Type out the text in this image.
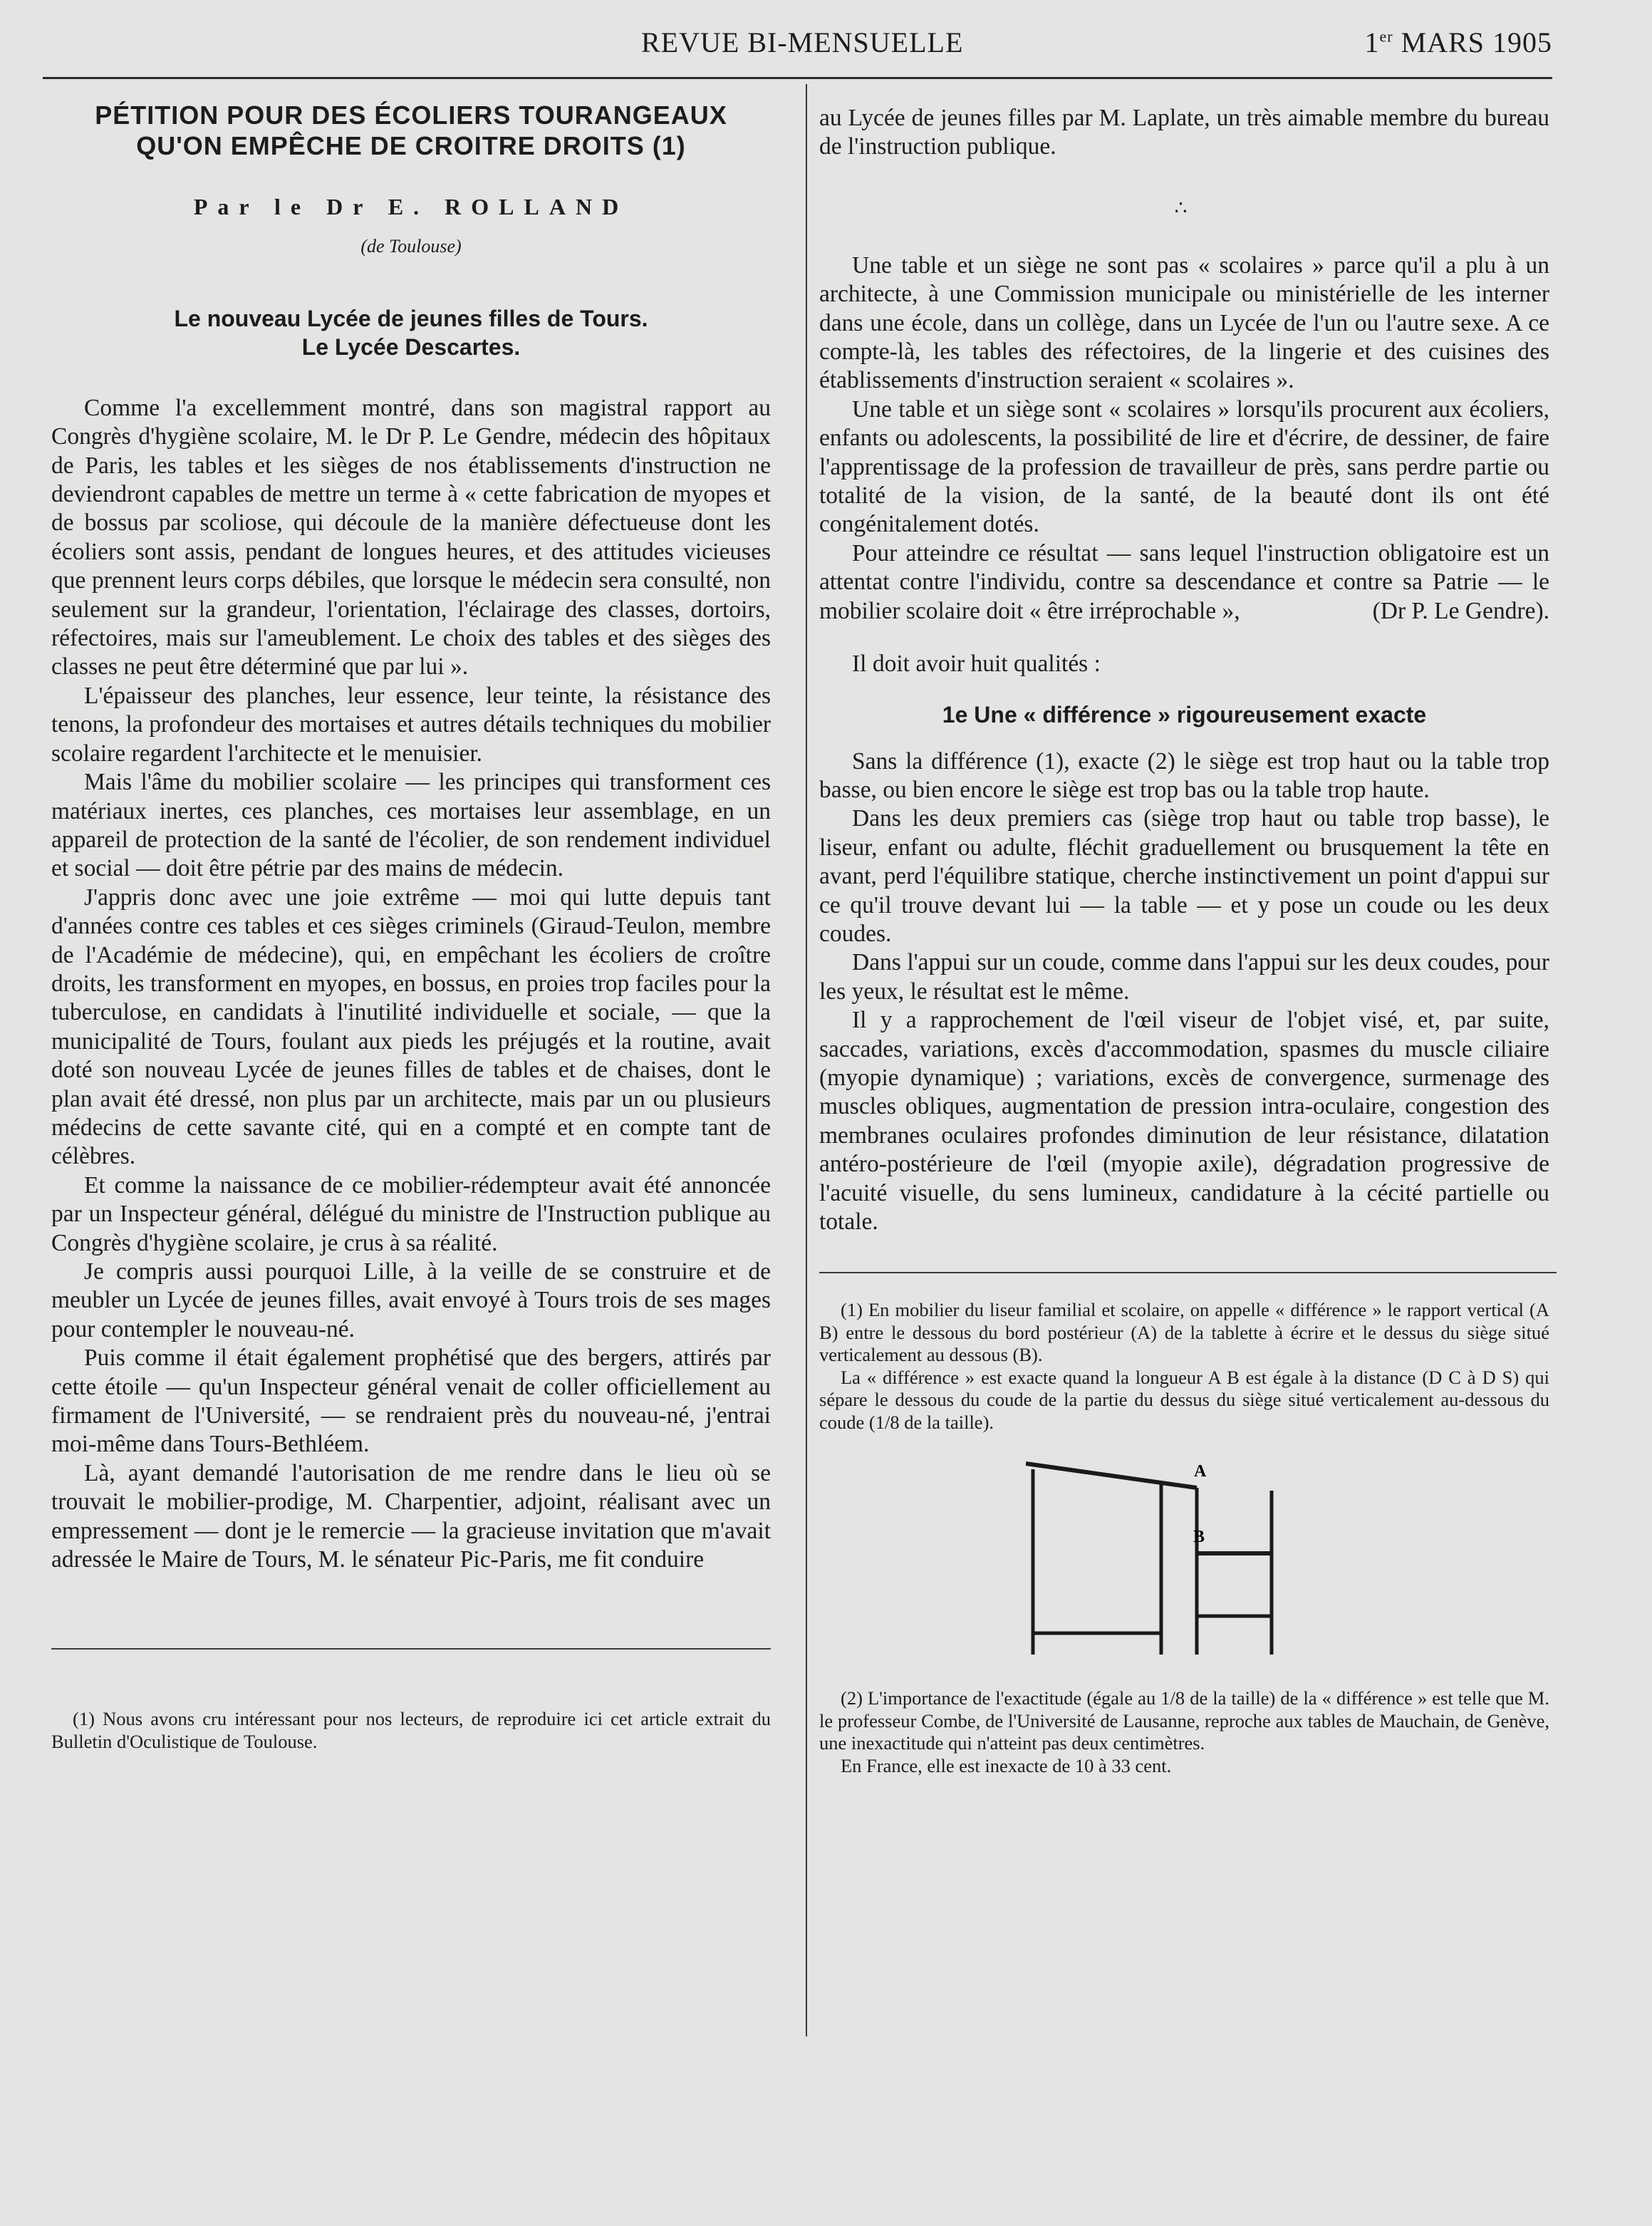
REVUE BI-MENSUELLE	1er MARS 1905
PÉTITION POUR DES ÉCOLIERS TOURANGEAUX
QU'ON EMPÊCHE DE CROITRE DROITS (1)
Par le Dr E. ROLLAND
(de Toulouse)
Le nouveau Lycée de jeunes filles de Tours.
Le Lycée Descartes.

Comme l'a excellemment montré, dans son magistral rapport au Congrès d'hygiène scolaire, M. le Dr P. Le Gendre, médecin des hôpitaux de Paris, les tables et les sièges de nos établissements d'instruction ne deviendront capables de mettre un terme à « cette fabrication de myopes et de bossus par scoliose, qui découle de la manière défectueuse dont les écoliers sont assis, pendant de longues heures, et des attitudes vicieuses que prennent leurs corps débiles, que lorsque le médecin sera consulté, non seulement sur la grandeur, l'orientation, l'éclairage des classes, dortoirs, réfectoires, mais sur l'ameublement. Le choix des tables et des sièges des classes ne peut être déterminé que par lui ».

L'épaisseur des planches, leur essence, leur teinte, la résistance des tenons, la profondeur des mortaises et autres détails techniques du mobilier scolaire regardent l'architecte et le menuisier.

Mais l'âme du mobilier scolaire — les principes qui transforment ces matériaux inertes, ces planches, ces mortaises leur assemblage, en un appareil de protection de la santé de l'écolier, de son rendement individuel et social — doit être pétrie par des mains de médecin.

J'appris donc avec une joie extrême — moi qui lutte depuis tant d'années contre ces tables et ces sièges criminels (Giraud-Teulon, membre de l'Académie de médecine), qui, en empêchant les écoliers de croître droits, les transforment en myopes, en bossus, en proies trop faciles pour la tuberculose, en candidats à l'inutilité individuelle et sociale, — que la municipalité de Tours, foulant aux pieds les préjugés et la routine, avait doté son nouveau Lycée de jeunes filles de tables et de chaises, dont le plan avait été dressé, non plus par un architecte, mais par un ou plusieurs médecins de cette savante cité, qui en a compté et en compte tant de célèbres.

Et comme la naissance de ce mobilier-rédempteur avait été annoncée par un Inspecteur général, délégué du ministre de l'Instruction publique au Congrès d'hygiène scolaire, je crus à sa réalité.

Je compris aussi pourquoi Lille, à la veille de se construire et de meubler un Lycée de jeunes filles, avait envoyé à Tours trois de ses mages pour contempler le nouveau-né.

Puis comme il était également prophétisé que des bergers, attirés par cette étoile — qu'un Inspecteur général venait de coller officiellement au firmament de l'Université, — se rendraient près du nouveau-né, j'entrai moi-même dans Tours-Bethléem.

Là, ayant demandé l'autorisation de me rendre dans le lieu où se trouvait le mobilier-prodige, M. Charpentier, adjoint, réalisant avec un empressement — dont je le remercie — la gracieuse invitation que m'avait adressée le Maire de Tours, M. le sénateur Pic-Paris, me fit conduire

(1) Nous avons cru intéressant pour nos lecteurs, de reproduire ici cet article extrait du Bulletin d'Oculistique de Toulouse.

au Lycée de jeunes filles par M. Laplate, un très aimable membre du bureau de l'instruction publique.

∴

Une table et un siège ne sont pas « scolaires » parce qu'il a plu à un architecte, à une Commission municipale ou ministérielle de les interner dans une école, dans un collège, dans un Lycée de l'un ou l'autre sexe. A ce compte-là, les tables des réfectoires, de la lingerie et des cuisines des établissements d'instruction seraient « scolaires ».

Une table et un siège sont « scolaires » lorsqu'ils procurent aux écoliers, enfants ou adolescents, la possibilité de lire et d'écrire, de dessiner, de faire l'apprentissage de la profession de travailleur de près, sans perdre partie ou totalité de la vision, de la santé, de la beauté dont ils ont été congénitalement dotés.

Pour atteindre ce résultat — sans lequel l'instruction obligatoire est un attentat contre l'individu, contre sa descendance et contre sa Patrie — le mobilier scolaire doit « être irréprochable »,	(Dr P. Le Gendre).

Il doit avoir huit qualités :

1e Une « différence » rigoureusement exacte

Sans la différence (1), exacte (2) le siège est trop haut ou la table trop basse, ou bien encore le siège est trop bas ou la table trop haute.

Dans les deux premiers cas (siège trop haut ou table trop basse), le liseur, enfant ou adulte, fléchit graduellement ou brusquement la tête en avant, perd l'équilibre statique, cherche instinctivement un point d'appui sur ce qu'il trouve devant lui — la table — et y pose un coude ou les deux coudes.

Dans l'appui sur un coude, comme dans l'appui sur les deux coudes, pour les yeux, le résultat est le même.

Il y a rapprochement de l'œil viseur de l'objet visé, et, par suite, saccades, variations, excès d'accommodation, spasmes du muscle ciliaire (myopie dynamique) ; variations, excès de convergence, surmenage des muscles obliques, augmentation de pression intra-oculaire, congestion des membranes oculaires profondes diminution de leur résistance, dilatation antéro-postérieure de l'œil (myopie axile), dégradation progressive de l'acuité visuelle, du sens lumineux, candidature à la cécité partielle ou totale.

(1) En mobilier du liseur familial et scolaire, on appelle « différence » le rapport vertical (A B) entre le dessous du bord postérieur (A) de la tablette à écrire et le dessus du siège situé verticalement au dessous (B).

La « différence » est exacte quand la longueur A B est égale à la distance (D C à D S) qui sépare le dessous du coude de la partie du dessus du siège situé verticalement au-dessous du coude (1/8 de la taille).

A
B

(2) L'importance de l'exactitude (égale au 1/8 de la taille) de la « différence » est telle que M. le professeur Combe, de l'Université de Lausanne, reproche aux tables de Mauchain, de Genève, une inexactitude qui n'atteint pas deux centimètres.

En France, elle est inexacte de 10 à 33 cent.
